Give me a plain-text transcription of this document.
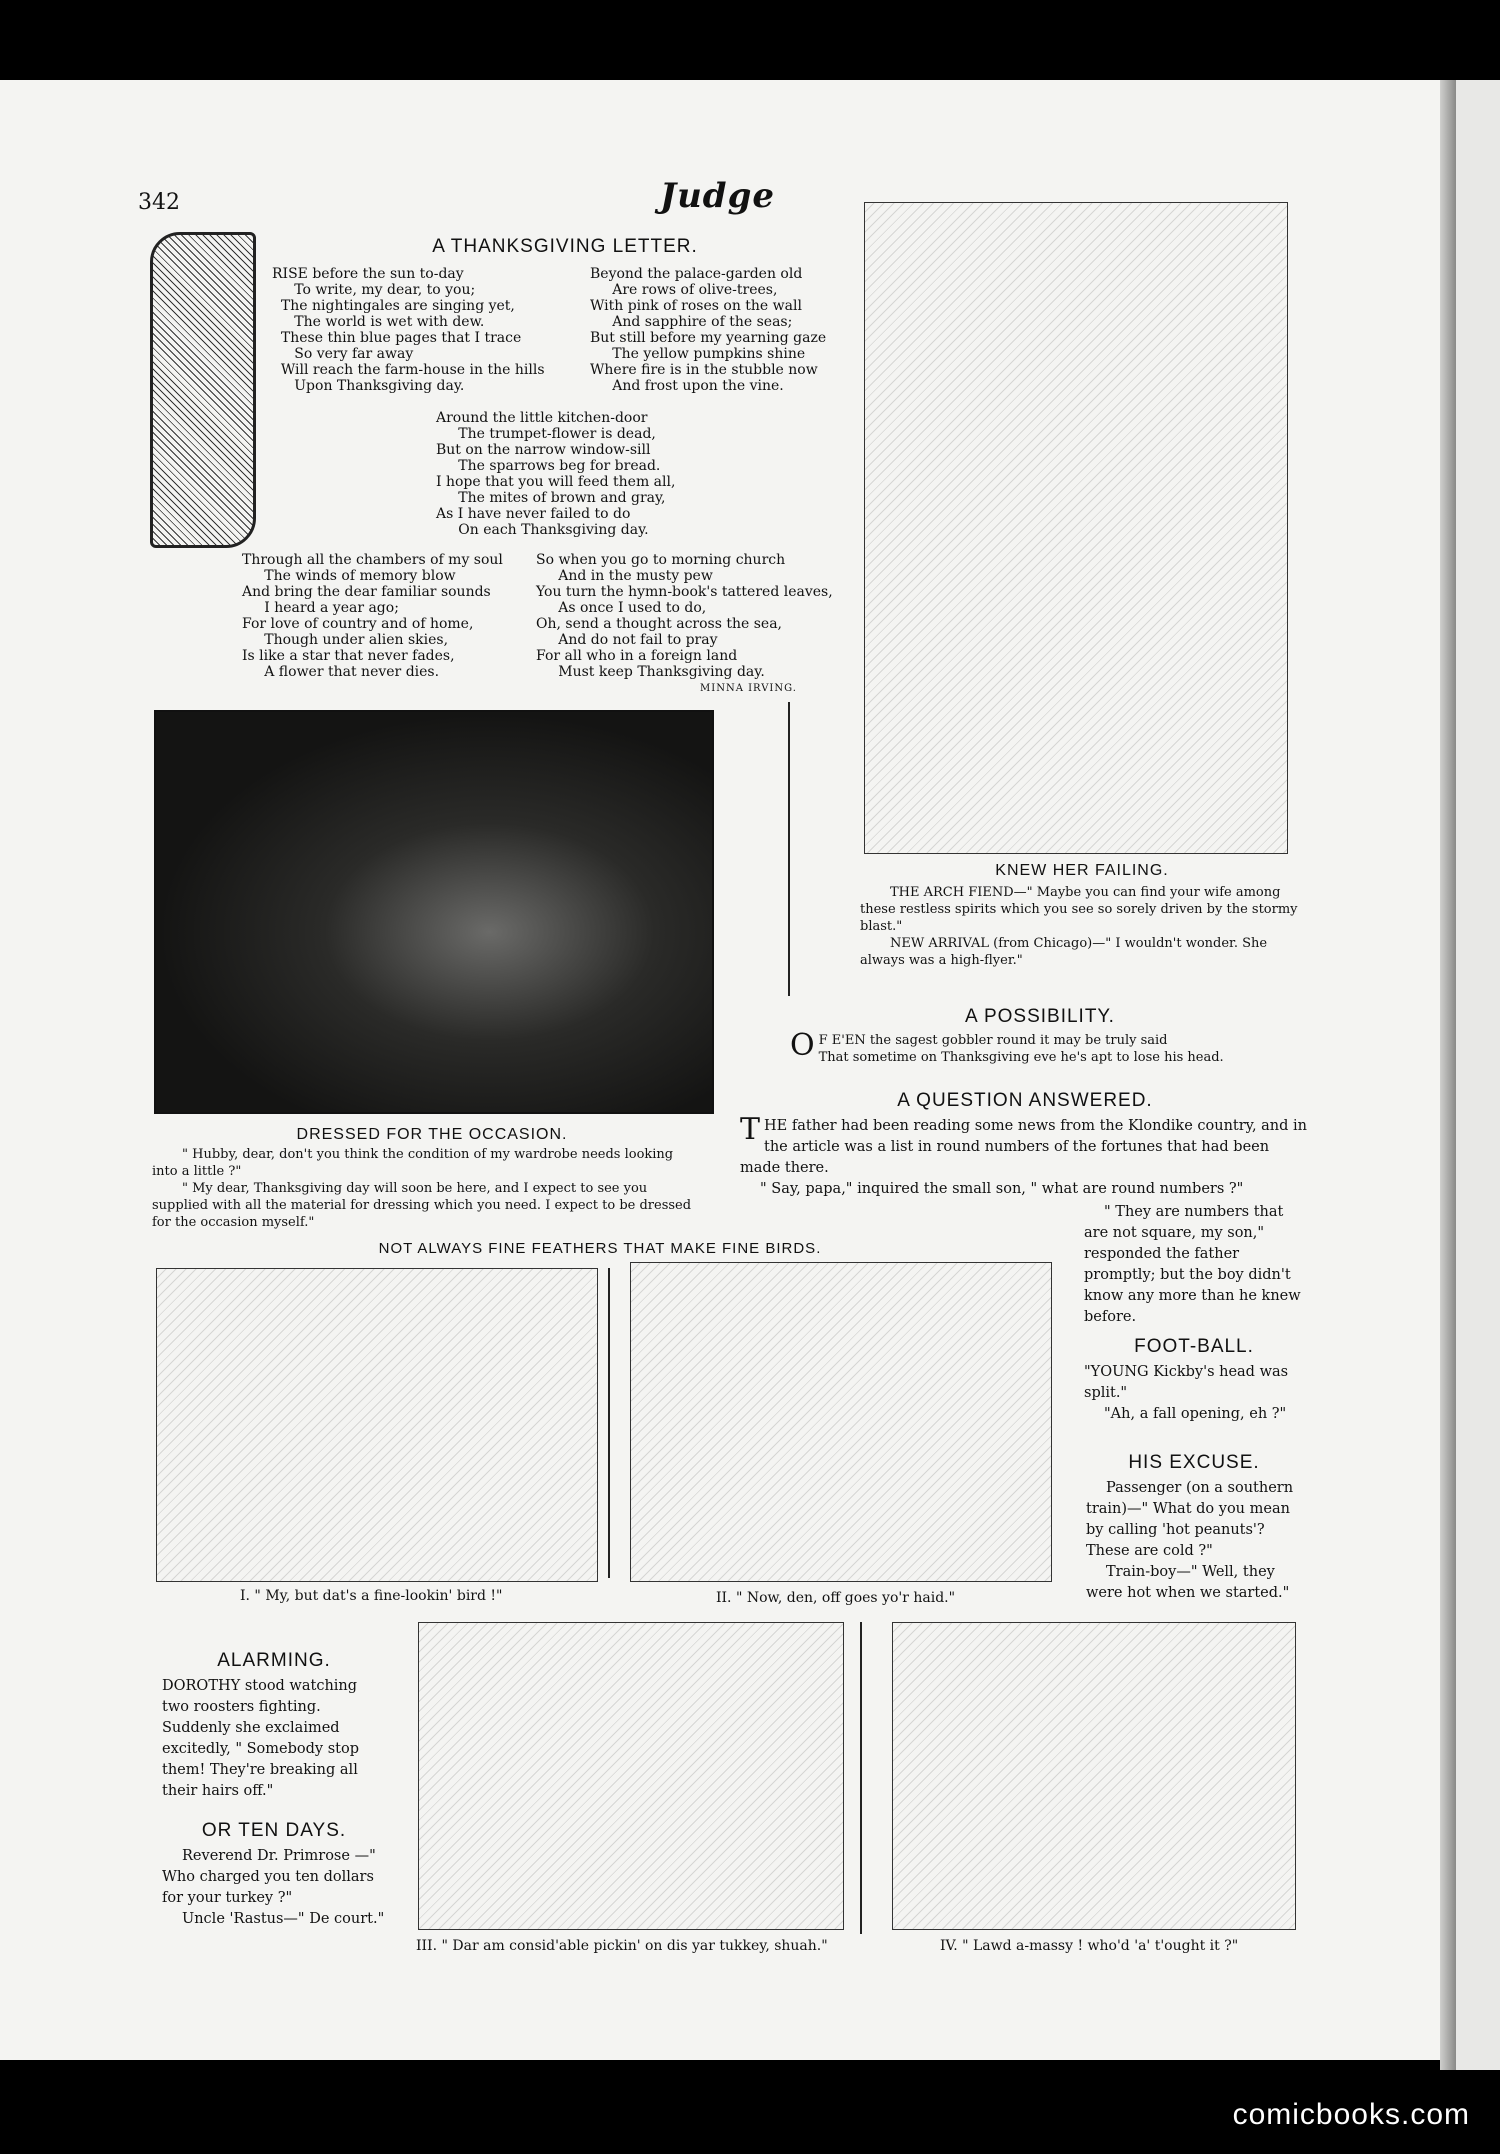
342	Judge
A THANKSGIVING LETTER.
RISE before the sun to-day
To write, my dear, to you;
The nightingales are singing yet,
The world is wet with dew.
These thin blue pages that I trace
So very far away
Will reach the farm-house in the hills
Upon Thanksgiving day.
Beyond the palace-garden old
Are rows of olive-trees,
With pink of roses on the wall
And sapphire of the seas;
But still before my yearning gaze
The yellow pumpkins shine
Where fire is in the stubble now
And frost upon the vine.
Around the little kitchen-door
The trumpet-flower is dead,
But on the narrow window-sill
The sparrows beg for bread.
I hope that you will feed them all,
The mites of brown and gray,
As I have never failed to do
On each Thanksgiving day.
Through all the chambers of my soul
The winds of memory blow
And bring the dear familiar sounds
I heard a year ago;
For love of country and of home,
Though under alien skies,
Is like a star that never fades,
A flower that never dies.
So when you go to morning church
And in the musty pew
You turn the hymn-book's tattered leaves,
As once I used to do,
Oh, send a thought across the sea,
And do not fail to pray
For all who in a foreign land
Must keep Thanksgiving day.
MINNA IRVING.
KNEW HER FAILING.

THE ARCH FIEND—" Maybe you can find your wife among these restless spirits which you see so sorely driven by the stormy blast."

NEW ARRIVAL (from Chicago)—" I wouldn't wonder. She always was a high-flyer."

DRESSED FOR THE OCCASION.

" Hubby, dear, don't you think the condition of my wardrobe needs looking into a little ?"

" My dear, Thanksgiving day will soon be here, and I expect to see you supplied with all the material for dressing which you need. I expect to be dressed for the occasion myself."

A POSSIBILITY.
O F E'EN the sagest gobbler round it may be truly said

That sometime on Thanksgiving eve he's apt to lose his head.

A QUESTION ANSWERED.
T HE father had been reading some news from the Klondike country, and in the article was a list in round numbers of the fortunes that had been made there.

" Say, papa," inquired the small son, " what are round numbers ?"

" They are numbers that are not square, my son," responded the father promptly; but the boy didn't know any more than he knew before.
NOT ALWAYS FINE FEATHERS THAT MAKE FINE BIRDS.
I. " My, but dat's a fine-lookin' bird !"	II. " Now, den, off goes yo'r haid."
FOOT-BALL.

"YOUNG Kickby's head was split."

"Ah, a fall opening, eh ?"

HIS EXCUSE.

Passenger (on a southern train)—" What do you mean by calling 'hot peanuts'? These are cold ?"

Train-boy—" Well, they were hot when we started."

ALARMING.
DOROTHY stood watching two roosters fighting. Suddenly she exclaimed excitedly, " Somebody stop them! They're breaking all their hairs off."
OR TEN DAYS.

Reverend Dr. Primrose —" Who charged you ten dollars for your turkey ?"

Uncle 'Rastus—" De court."

III. " Dar am consid'able pickin' on dis yar tukkey, shuah."	IV. " Lawd a-massy ! who'd 'a' t'ought it ?"
comicbooks.com
